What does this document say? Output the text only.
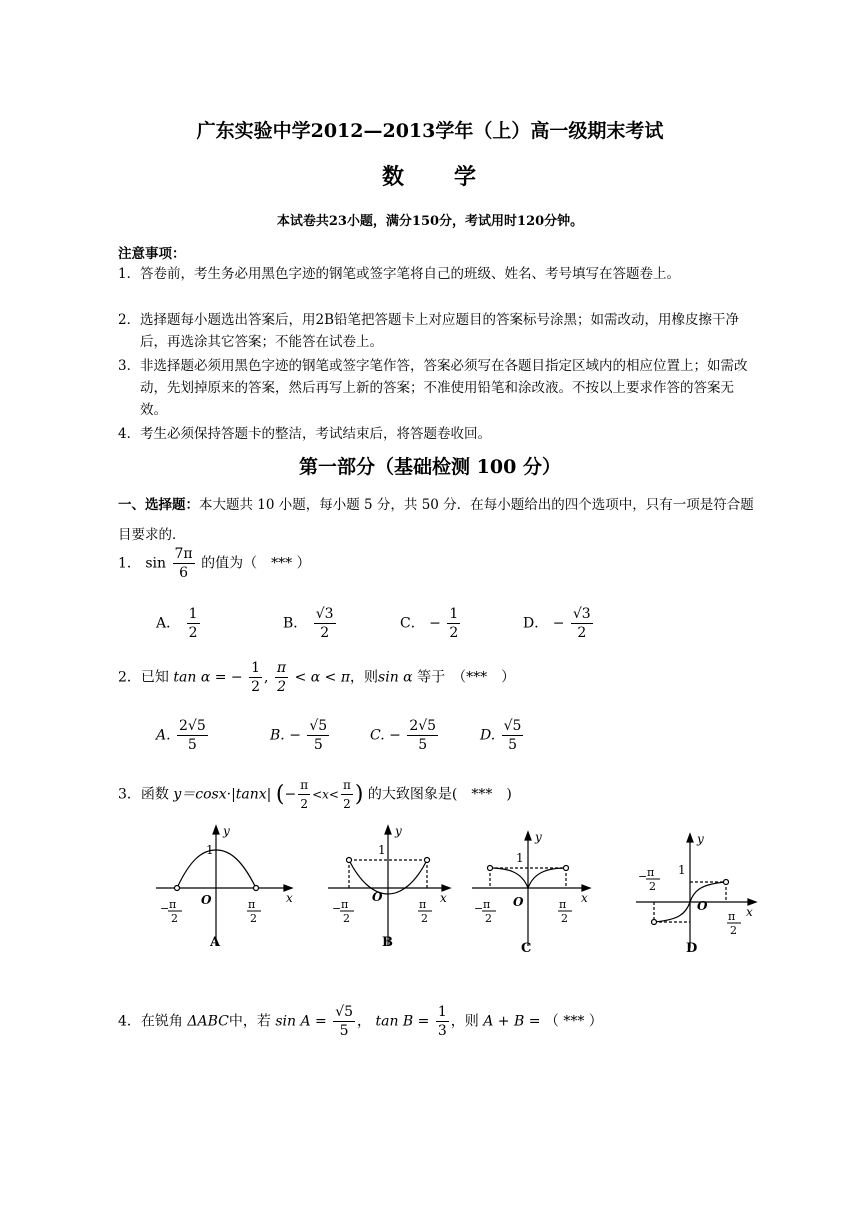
广东实验中学2012—2013学年（上）高一级期末考试
数　　学
本试卷共23小题，满分150分，考试用时120分钟。
注意事项：
1． 答卷前，考生务必用黑色字迹的钢笔或签字笔将自己的班级、姓名、考号填写在答题卷上。
2． 选择题每小题选出答案后，用2B铅笔把答题卡上对应题目的答案标号涂黑；如需改动，用橡皮擦干净后，再选涂其它答案；不能答在试卷上。
3． 非选择题必须用黑色字迹的钢笔或签字笔作答，答案必须写在各题目指定区域内的相应位置上；如需改动，先划掉原来的答案，然后再写上新的答案；不准使用铅笔和涂改液。不按以上要求作答的答案无效。
4． 考生必须保持答题卡的整洁，考试结束后，将答题卷收回。
第一部分（基础检测 100 分）
一、选择题：本大题共 10 小题，每小题 5 分，共 50 分．在每小题给出的四个选项中，只有一项是符合题目要求的．
1． $\sin \frac{7\pi}{6}$ 的值为（　*** ）
A． $\frac{1}{2}$	B． $\frac{√3}{2}$	C． − $\frac{1}{2}$	D． − $\frac{√3}{2}$
2．已知 tan α = − $\frac{1}{2}$ , $\frac{\pi}{2} < \alpha < \pi$，则sin α 等于　（***　）
A. $\frac{2√5}{5}$	B. − $\frac{√5}{5}$	C. − $\frac{2√5}{5}$	D. $\frac{√5}{5}$
3．函数 y＝cosx·|tanx| (− $\frac{\pi}{2} <x< \frac{\pi}{2}$ ) 的大致图象是(　***　)
y
1
O	x
− π
2
π
2
A
y
1
O	x
− π
2
π
2
B
y
1
O	x
− π
2
π
2
C
y
1
O	x
− π
2
π
2
D
4．在锐角 ΔABC中，若 $\sin A = \frac{√5}{5}$ ， $\tan B = \frac{1}{3}$ ，则 A + B = （ *** ）
